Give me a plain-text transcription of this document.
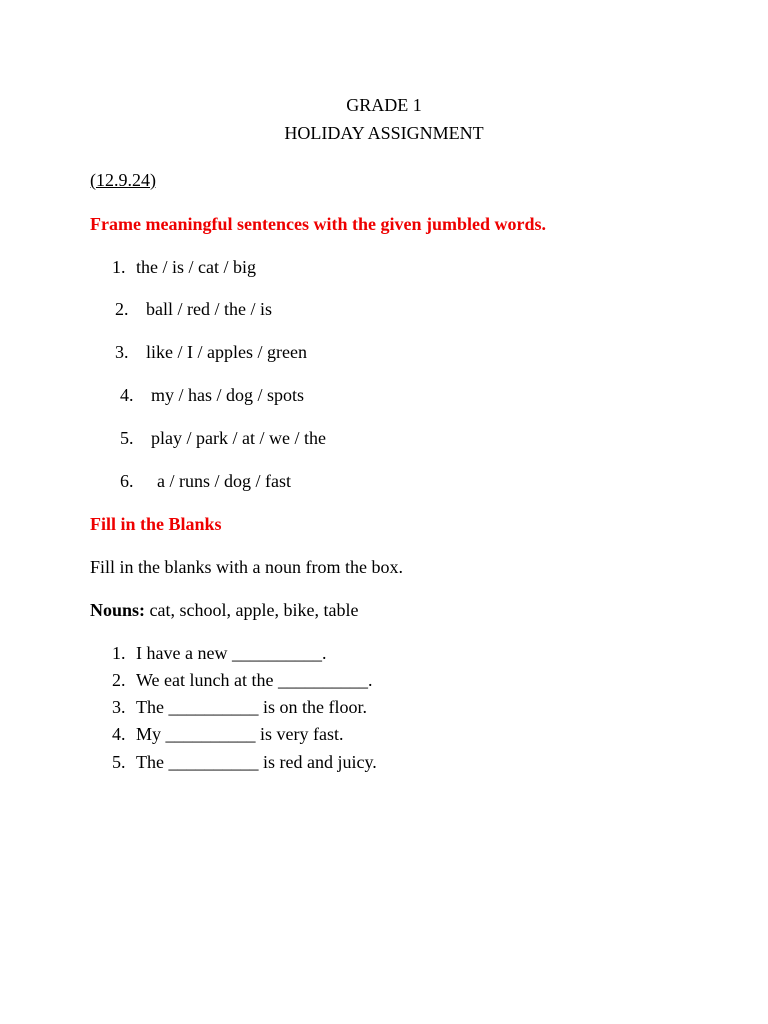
GRADE 1
HOLIDAY ASSIGNMENT
(12.9.24)
Frame meaningful sentences with the given jumbled words.
1. the / is / cat / big
2. ball / red / the / is
3. like / I / apples / green
4. my / has / dog / spots
5. play / park / at / we / the
6. a / runs / dog / fast
Fill in the Blanks
Fill in the blanks with a noun from the box.
Nouns: cat, school, apple, bike, table
1. I have a new __________.
2. We eat lunch at the __________.
3. The __________ is on the floor.
4. My __________ is very fast.
5. The __________ is red and juicy.
